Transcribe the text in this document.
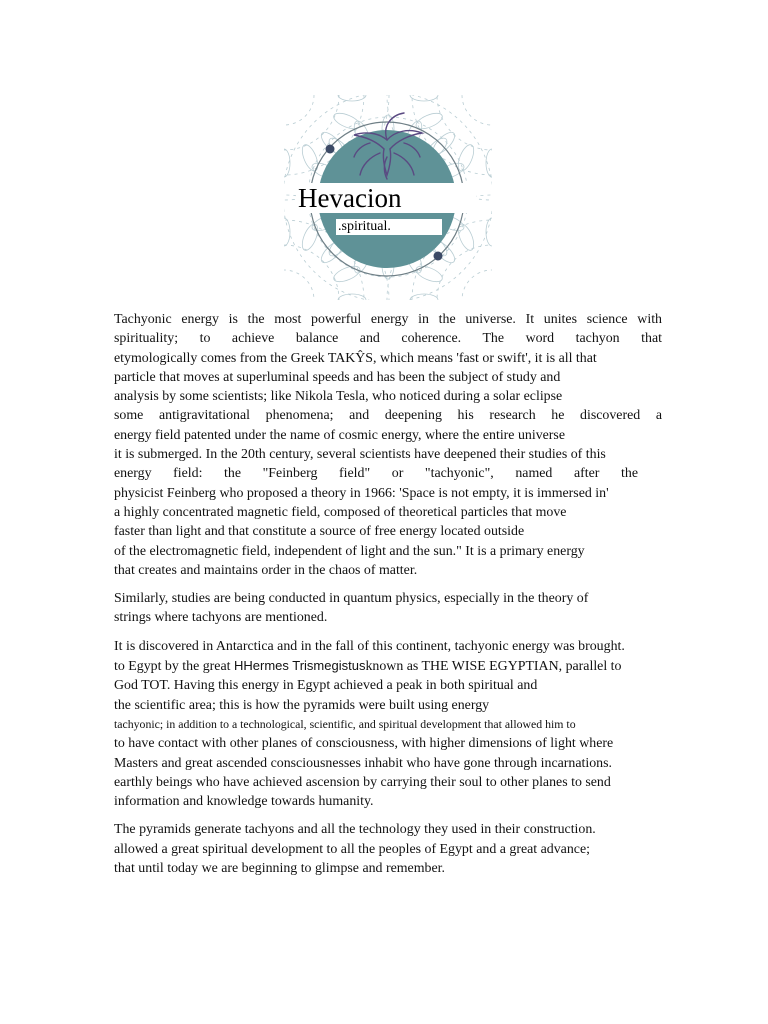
Hevacion
.spiritual.

Tachyonic energy is the most powerful energy in the universe. It unites science with
spirituality; to achieve balance and coherence. The word tachyon that
etymologically comes from the Greek TAKŶS, which means 'fast or swift', it is all that
particle that moves at superluminal speeds and has been the subject of study and
analysis by some scientists; like Nikola Tesla, who noticed during a solar eclipse
some antigravitational phenomena; and deepening his research he discovered a
energy field patented under the name of cosmic energy, where the entire universe
it is submerged. In the 20th century, several scientists have deepened their studies of this
energy field: the "Feinberg field" or "tachyonic", named after the
physicist Feinberg who proposed a theory in 1966: 'Space is not empty, it is immersed in'
a highly concentrated magnetic field, composed of theoretical particles that move
faster than light and that constitute a source of free energy located outside
of the electromagnetic field, independent of light and the sun." It is a primary energy
that creates and maintains order in the chaos of matter.

Similarly, studies are being conducted in quantum physics, especially in the theory of
strings where tachyons are mentioned.

It is discovered in Antarctica and in the fall of this continent, tachyonic energy was brought.
to Egypt by the great HHermes Trismegistusknown as THE WISE EGYPTIAN, parallel to
God TOT. Having this energy in Egypt achieved a peak in both spiritual and
the scientific area; this is how the pyramids were built using energy
tachyonic; in addition to a technological, scientific, and spiritual development that allowed him to
to have contact with other planes of consciousness, with higher dimensions of light where
Masters and great ascended consciousnesses inhabit who have gone through incarnations.
earthly beings who have achieved ascension by carrying their soul to other planes to send
information and knowledge towards humanity.

The pyramids generate tachyons and all the technology they used in their construction.
allowed a great spiritual development to all the peoples of Egypt and a great advance;
that until today we are beginning to glimpse and remember.
